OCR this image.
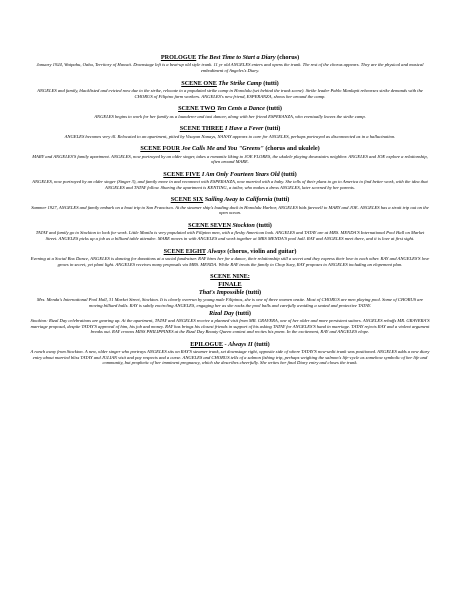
PROLOGUE The Best Time to Start a Diary (chorus)

January 1924, Waipahu, Oahu, Territory of Hawaii. Downstage left is a beat-up old style trunk. 11 yr old ANGELES enters and opens the trunk. The rest of the chorus appears. They are the physical and musical embodiment of Angeles's Diary.

SCENE ONE The Strike Camp (tutti)

ANGELES and family, blacklisted and evicted now due to the strike, relocate to a populated strike camp in Honolulu (set behind the trunk scene). Strike leader Pablo Manlapit rehearses strike demands with the CHORUS of Filipino farm workers. ANGELES's new friend, ESPERANZA, shows her around the camp.

SCENE TWO Ten Cents a Dance (tutti)

ANGELES begins to work for her family as a launderer and taxi dancer, along with her friend ESPERANZA, who eventually leaves the strike camp.

SCENE THREE I Have a Fever (tutti)

ANGELES becomes very ill. Relocated to an apartment, pitied by Visayan Nanays, NANAY appears to care for ANGELES, perhaps portrayed as disconnected as in a hallucination.

SCENE FOUR Joe Calls Me and You "Greens" (chorus and ukulele)

MARY and ANGELES'S family apartment. ANGELES, now portrayed by an older singer, takes a romantic liking to JOE FLORES, the ukulele playing downstairs neighbor. ANGELES and JOE explore a relationship, often around MARE.

SCENE FIVE I Am Only Fourteen Years Old (tutti)

ANGELES, now portrayed by an older singer (Singer 3), and family move in and reconnect with ESPERANZA, now married with a baby. She tells of their plans to go to America to find better work, with the idea that ANGELES and TATAY follow. Sharing the apartment is KENTING, a tailor, who makes a dress ANGELES, later scorned by her parents.

SCENE SIX Sailing Away to California (tutti)

Summer 1927, ANGELES and family embark on a boat trip to San Francisco. At the steamer ship's loading dock in Honolulu Harbor, ANGELES bids farewell to MARY and JOE. ANGELES has a strait trip out on the open ocean.

SCENE SEVEN Stockton (tutti)

TATAY and family go to Stockton to look for work. Little Manila is very populated with Filipino men, with a fleshy American look. ANGELES and TATAY are at MRS. MENDA'S International Pool Hall on Market Street. ANGELES picks up a job as a billiard table attendee. MARE moves in with ANGELES and work together at MRS MENDA'S pool hall. RAY and ANGELES meet there, and it is love at first sight.

SCENE EIGHT Always (chorus, violin and guitar)

Evening at a Social Box Dance, ANGELES is dancing for donations at a social fundraiser. RAY hires her for a dance, their relationship still a secret and they express their love to each other. RAY and ANGELES'S love grows in secret, yet plant light. ANGELES receives many proposals via MRS. MENDA. While RAY treats the family to Chop Suey, RAY proposes to ANGELES including an elopement plan.

SCENE NINE:

FINALE

That's Impossible (tutti)

Mrs. Menda's International Pool Hall, 31 Market Street, Stockton. It is clearly overrun by young male Filipinos, she is one of three women onsite. Most of CHORUS are men playing pool. Some of CHORUS are moving billiard balls. RAY is subtly encircling ANGELES, engaging her as she racks the pool balls and carefully avoiding a seated and protective TATAY.

Rizal Day (tutti)

Stockton: Rizal Day celebrations are gearing up. At the apartment, TATAY and ANGELES receive a planned visit from MR. GRAVERA, one of her older and more persistent suitors. ANGELES rebuffs MR. GRAVERA'S marriage proposal, despite TATAY'S approval of him, his job and money. RAY has brings his closest friends in support of his asking TATAY for ANGELES'S hand in marriage. TATAY rejects RAY and a violent argument breaks out. RAY crowns MISS PHILIPPINES at the Rizal Day Beauty Queen contest and recites his poem. In the excitement, RAY and ANGELES elope.

EPILOGUE - Always II (tutti)

A ranch away from Stockton. A new, older singer who portrays ANGELES sits on RAY'S steamer trunk, set downstage right, opposite side of where TATAY'S now-unlit trunk was positioned. ANGELES adds a new diary entry about married bliss TATAY and JULIAN visit and pay respects and a curse. ANGELES and CHORUS tells of a salmon fishing trip, perhaps weighing the salmon's life-cycle as somehow symbolic of her life and community, but prophetic of her imminent pregnancy, which she describes cheerfully. She writes her final Diary entry and closes the trunk.
